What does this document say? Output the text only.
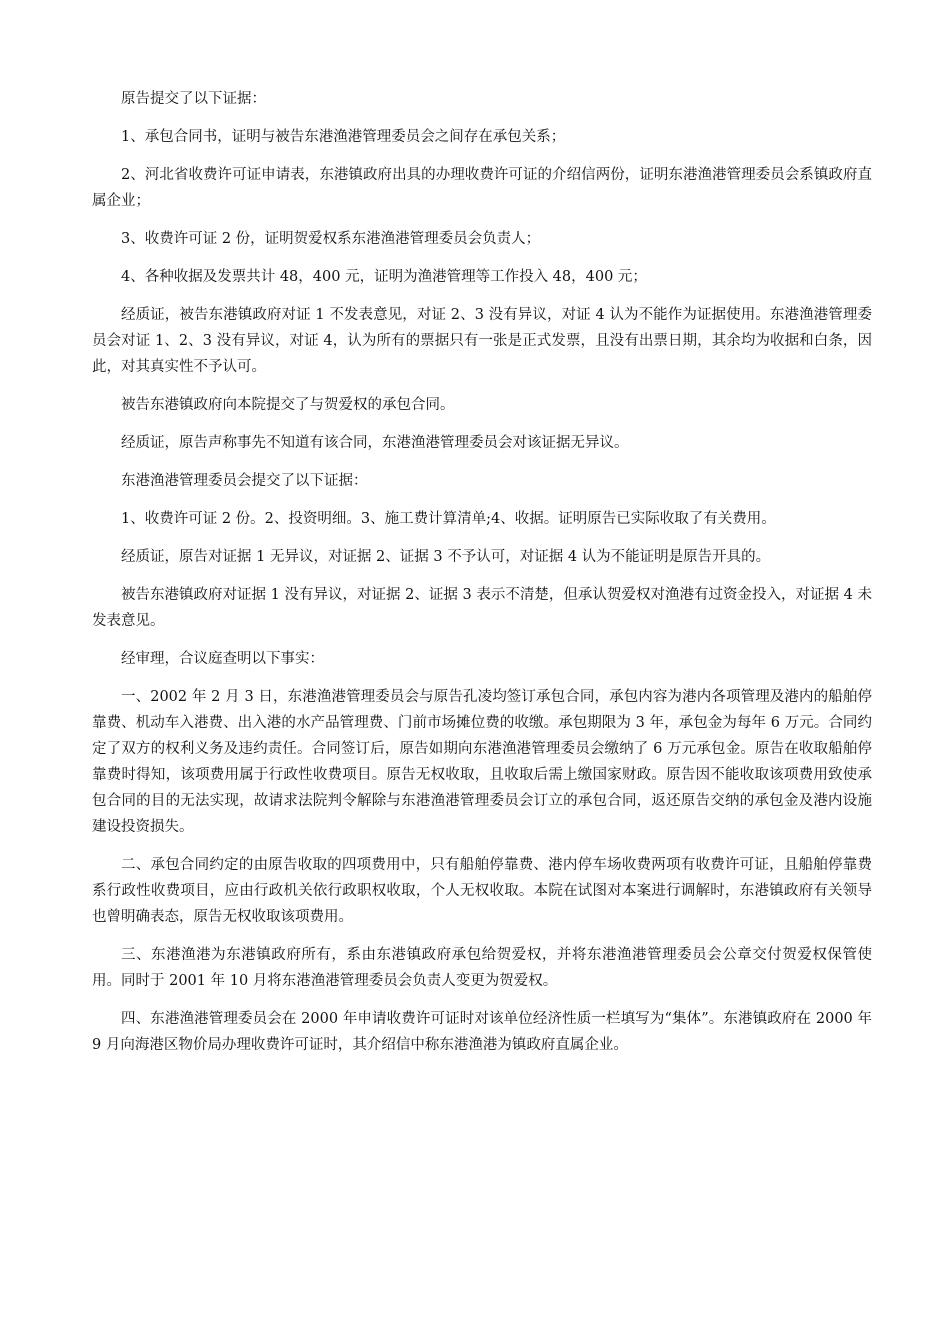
原告提交了以下证据：

1、承包合同书，证明与被告东港渔港管理委员会之间存在承包关系；

2、河北省收费许可证申请表，东港镇政府出具的办理收费许可证的介绍信两份，证明东港渔港管理委员会系镇政府直属企业；

3、收费许可证 2 份，证明贺爱权系东港渔港管理委员会负责人；

4、各种收据及发票共计 48，400 元，证明为渔港管理等工作投入 48，400 元；

经质证，被告东港镇政府对证 1 不发表意见，对证 2、3 没有异议，对证 4 认为不能作为证据使用。东港渔港管理委员会对证 1、2、3 没有异议，对证 4，认为所有的票据只有一张是正式发票，且没有出票日期，其余均为收据和白条，因此，对其真实性不予认可。

被告东港镇政府向本院提交了与贺爱权的承包合同。

经质证，原告声称事先不知道有该合同，东港渔港管理委员会对该证据无异议。

东港渔港管理委员会提交了以下证据：

1、收费许可证 2 份。2、投资明细。3、施工费计算清单;4、收据。证明原告已实际收取了有关费用。

经质证，原告对证据 1 无异议，对证据 2、证据 3 不予认可，对证据 4 认为不能证明是原告开具的。

被告东港镇政府对证据 1 没有异议，对证据 2、证据 3 表示不清楚，但承认贺爱权对渔港有过资金投入，对证据 4 未发表意见。

经审理，合议庭查明以下事实：

一、2002 年 2 月 3 日，东港渔港管理委员会与原告孔凌均签订承包合同，承包内容为港内各项管理及港内的船舶停靠费、机动车入港费、出入港的水产品管理费、门前市场摊位费的收缴。承包期限为 3 年，承包金为每年 6 万元。合同约定了双方的权利义务及违约责任。合同签订后，原告如期向东港渔港管理委员会缴纳了 6 万元承包金。原告在收取船舶停靠费时得知，该项费用属于行政性收费项目。原告无权收取，且收取后需上缴国家财政。原告因不能收取该项费用致使承包合同的目的无法实现，故请求法院判令解除与东港渔港管理委员会订立的承包合同，返还原告交纳的承包金及港内设施建设投资损失。

二、承包合同约定的由原告收取的四项费用中，只有船舶停靠费、港内停车场收费两项有收费许可证，且船舶停靠费系行政性收费项目，应由行政机关依行政职权收取，个人无权收取。本院在试图对本案进行调解时，东港镇政府有关领导也曾明确表态，原告无权收取该项费用。

三、东港渔港为东港镇政府所有，系由东港镇政府承包给贺爱权，并将东港渔港管理委员会公章交付贺爱权保管使用。同时于 2001 年 10 月将东港渔港管理委员会负责人变更为贺爱权。

四、东港渔港管理委员会在 2000 年申请收费许可证时对该单位经济性质一栏填写为“集体”。东港镇政府在 2000 年 9 月向海港区物价局办理收费许可证时，其介绍信中称东港渔港为镇政府直属企业。
